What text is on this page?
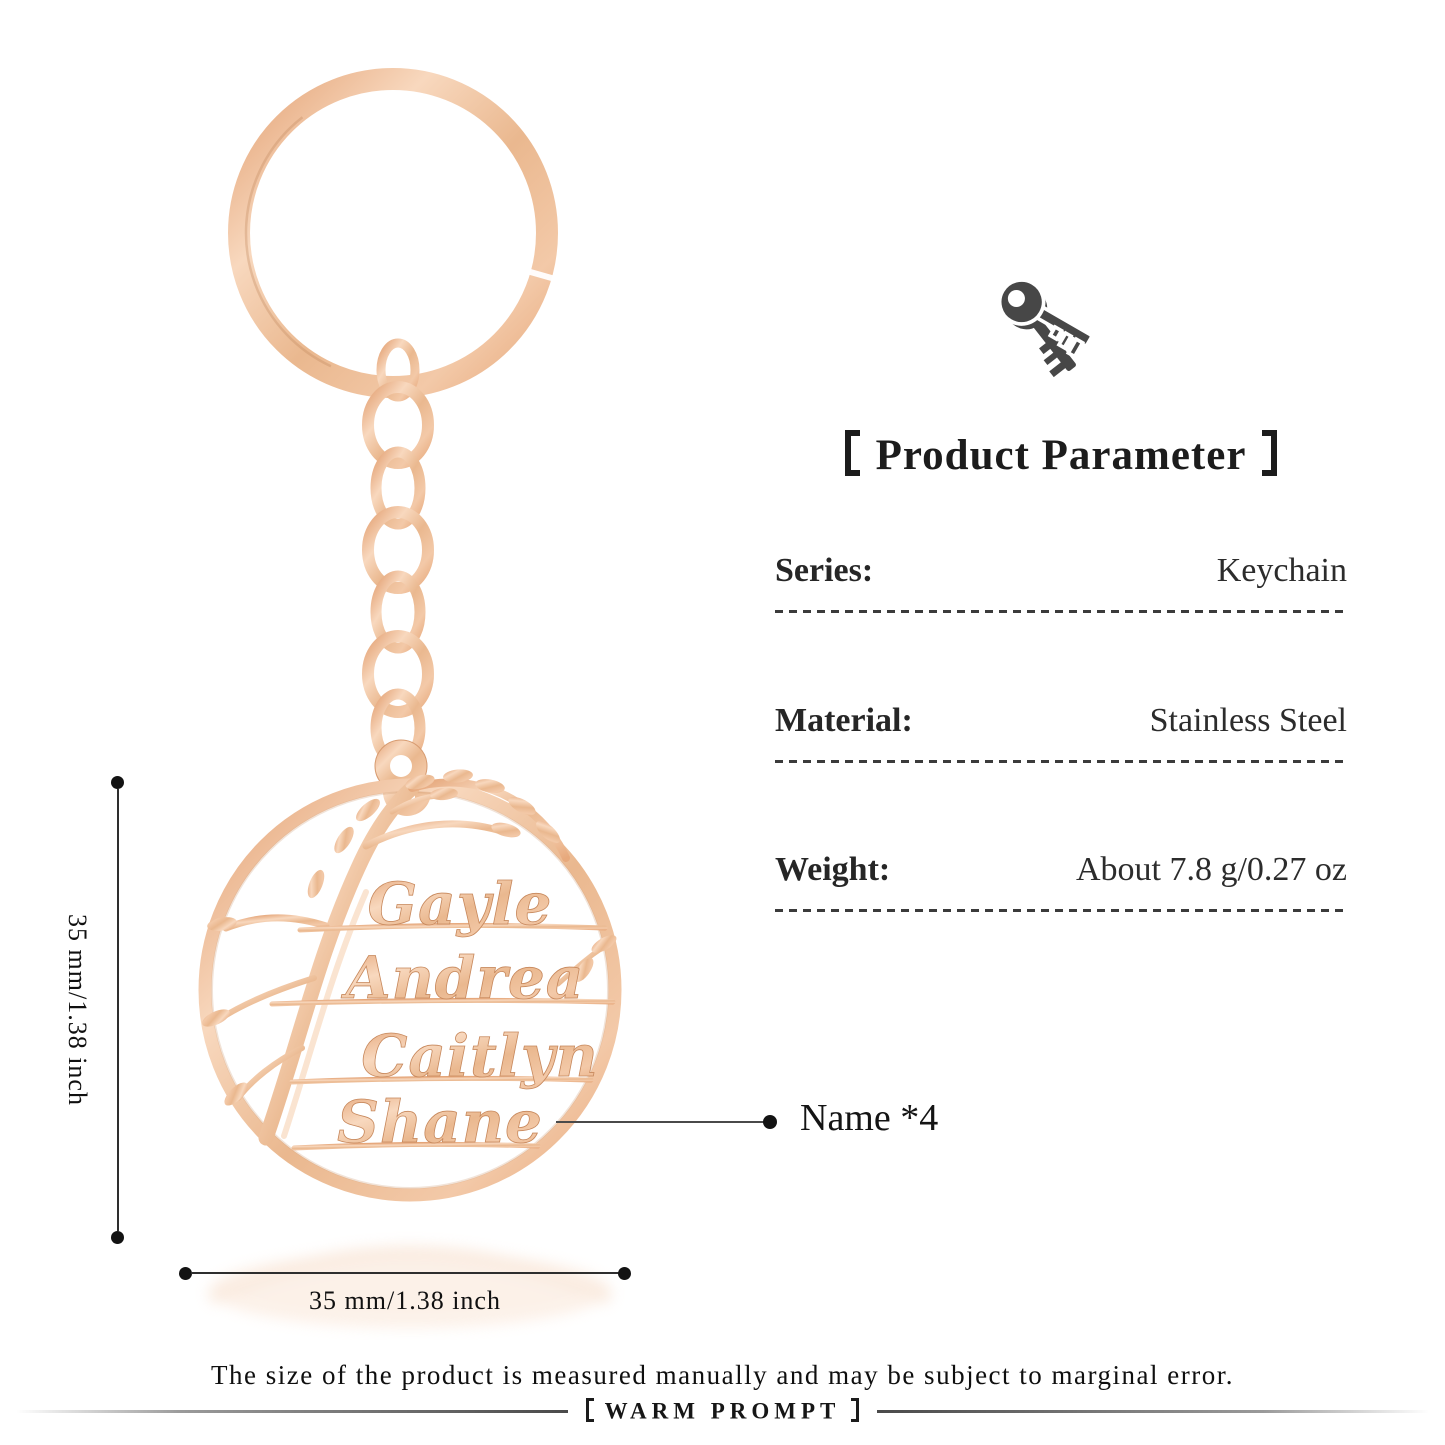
Gayle
Andrea
Caitlyn
Shane
Product Parameter
Series:	Keychain
Material:	Stainless Steel
Weight:	About 7.8 g/0.27 oz
Name *4
35 mm/1.38 inch
35 mm/1.38 inch
The size of the product is measured manually and may be subject to marginal error.
WARM PROMPT
